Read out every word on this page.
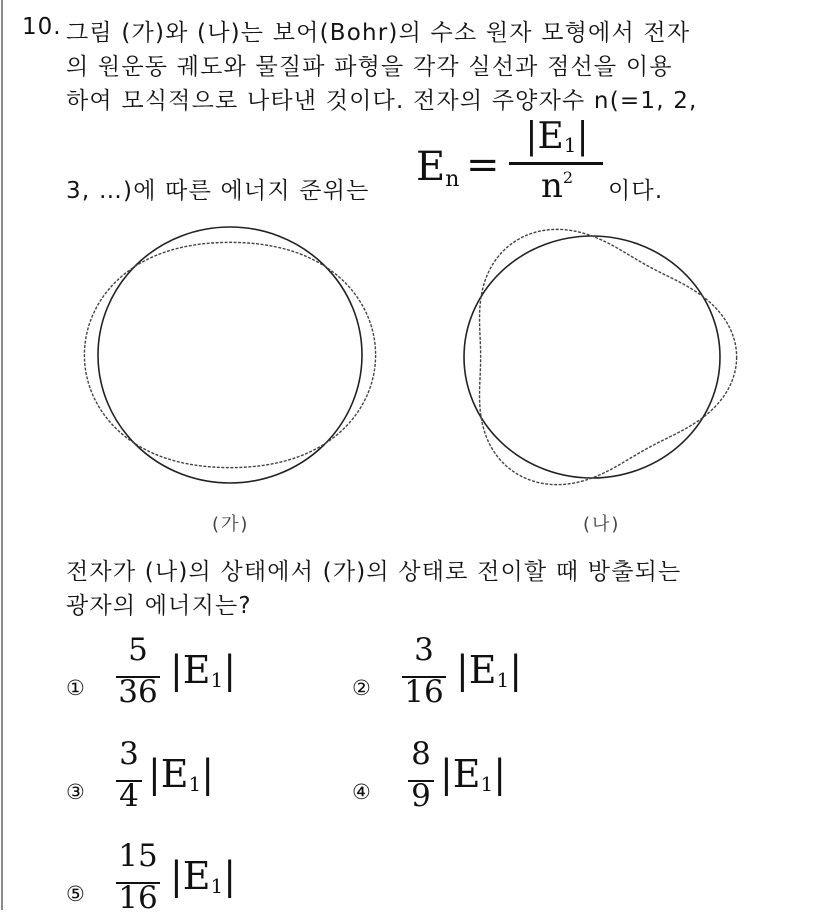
10. 그림 (가)와 (나)는 보어(Bohr)의 수소 원자 모형에서 전자
의 원운동 궤도와 물질파 파형을 각각 실선과 점선을 이용
하여 모식적으로 나타낸 것이다. 전자의 주양자수 n(=1, 2,
3, …)에 따른 에너지 준위는
$E_n$ =
$|E_1|$
$n^2$
이다.
(가)	(나)
전자가 (나)의 상태에서 (가)의 상태로 전이할 때 방출되는
광자의 에너지는?
①
5
36 $|E_1|$	②
3
16 $|E_1|$
③
3
4 $|E_1|$	④
8
9 $|E_1|$
⑤
15
16 $|E_1|$
